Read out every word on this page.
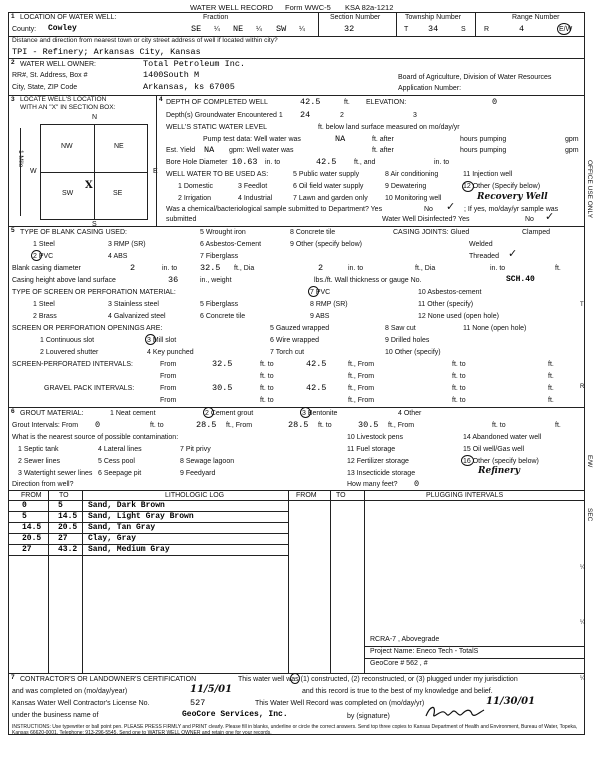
WATER WELL RECORD Form WWC-5 KSA 82a-1212
1 LOCATION OF WATER WELL:
County: Cowley
Fraction
SE ¼ NE ¼ SW ¼
Section Number
32
Township Number
T 34	S
Range Number
R	4	E/W
Distance and direction from nearest town or city street address of well if located within city?
TPI - Refinery; Arkansas City, Kansas
2 WATER WELL OWNER:	Total Petroleum Inc.
RR#, St. Address, Box #	1400South M
City, State, ZIP Code	Arkansas, ks 67005
Board of Agriculture, Division of Water Resources
Application Number:
3 LOCATE WELL'S LOCATION
WITH AN "X" IN SECTION BOX:
N
S
W	E
NW	NE
SW	SE
X
1 Mile
4 DEPTH OF COMPLETED WELL	42.5	ft. ELEVATION:	0
Depth(s) Groundwater Encountered 1 24	2	3
WELL'S STATIC WATER LEVEL	ft. below land surface measured on mo/day/yr
Pump test data: Well water was	NA	ft. after	hours pumping	gpm
Est. Yield NA gpm: Well water was	ft. after	hours pumping	gpm
Bore Hole Diameter 10.63 in. to	42.5	ft., and	in. to
WELL WATER TO BE USED AS:	5 Public water supply	8 Air conditioning	11 Injection well
1 Domestic	3 Feedlot	6 Oil field water supply	9 Dewatering	12 Other (Specify below)
2 Irrigation	4 Industrial	7 Lawn and garden only 10 Monitoring well	Recovery Well
Was a chemical/bacteriological sample submitted to Department? Yes	No ✓ ; If yes, mo/day/yr sample was
submitted	Water Well Disinfected? Yes	No ✓
5 TYPE OF BLANK CASING USED:	5 Wrought iron	8 Concrete tile	CASING JOINTS: Glued	Clamped
1 Steel	3 RMP (SR)	6 Asbestos-Cement	9 Other (specify below)	Welded
2 PVC	4 ABS	7 Fiberglass	Threaded ✓
Blank casing diameter	2	in. to	32.5 ft., Dia	2	in. to	ft., Dia	in. to	ft.
Casing height above land surface	36	in., weight	lbs./ft. Wall thickness or gauge No.	SCH.40
TYPE OF SCREEN OR PERFORATION MATERIAL:	7 PVC	10 Asbestos-cement
1 Steel	3 Stainless steel	5 Fiberglass	8 RMP (SR)	11 Other (specify)
2 Brass	4 Galvanized steel	6 Concrete tile	9 ABS	12 None used (open hole)
SCREEN OR PERFORATION OPENINGS ARE:	5 Gauzed wrapped	8 Saw cut	11 None (open hole)
1 Continuous slot	3 Mill slot	6 Wire wrapped	9 Drilled holes
2 Louvered shutter	4 Key punched	7 Torch cut	10 Other (specify)
SCREEN-PERFORATED INTERVALS:	From	32.5	ft. to	42.5	ft., From	ft. to	ft.
From	ft. to	ft., From	ft. to	ft.
GRAVEL PACK INTERVALS:	From	30.5	ft. to	42.5	ft., From	ft. to	ft.
From	ft. to	ft., From	ft. to	ft.
6 GROUT MATERIAL:	1 Neat cement	2 Cement grout	3 Bentonite	4 Other
Grout Intervals: From 0	ft. to	28.5 ft., From	28.5 ft. to	30.5 ft., From	ft. to	ft.
What is the nearest source of possible contamination:	10 Livestock pens	14 Abandoned water well
1 Septic tank	4 Lateral lines	7 Pit privy	11 Fuel storage	15 Oil well/Gas well
2 Sewer lines	5 Cess pool	8 Sewage lagoon	12 Fertilizer storage	16 Other (specify below)
3 Watertight sewer lines 6 Seepage pit	9 Feedyard	13 Insecticide storage	Refinery
Direction from well?	How many feet? 0
FROM TO	LITHOLOGIC LOG	FROM	TO	PLUGGING INTERVALS
0	5	Sand, Dark Brown
5	14.5 Sand, Light Gray Brown
14.5 20.5 Sand, Tan Gray
20.5 27	Clay, Gray
27	43.2 Sand, Medium Gray
RCRA-7 , Abovegrade
Project Name: Eneco Tech - TotalS
GeoCore # 562 , #
7 CONTRACTOR'S OR LANDOWNER'S CERTIFICATION	This water well was (1) constructed, (2) reconstructed, or (3) plugged under my jurisdiction
and was completed on (mo/day/year)	11/5/01	and this record is true to the best of my knowledge and belief.
Kansas Water Well Contractor's License No.	527	This Water Well Record was completed on (mo/day/yr)	11/30/01
under the business name of	GeoCore Services, Inc.	by (signature)
INSTRUCTIONS: Use typewriter or ball point pen. PLEASE PRESS FIRMLY and PRINT clearly. Please fill in blanks, underline or circle the correct answers. Send top three copies to Kansas Department of Health and Environment, Bureau of Water, Topeka, Kansas 66620-0001. Telephone: 913-296-5545. Send one to WATER WELL OWNER and retain one for your records.
OFFICE USE ONLY
T
R
E/W
SEC
¼
¼
¼
